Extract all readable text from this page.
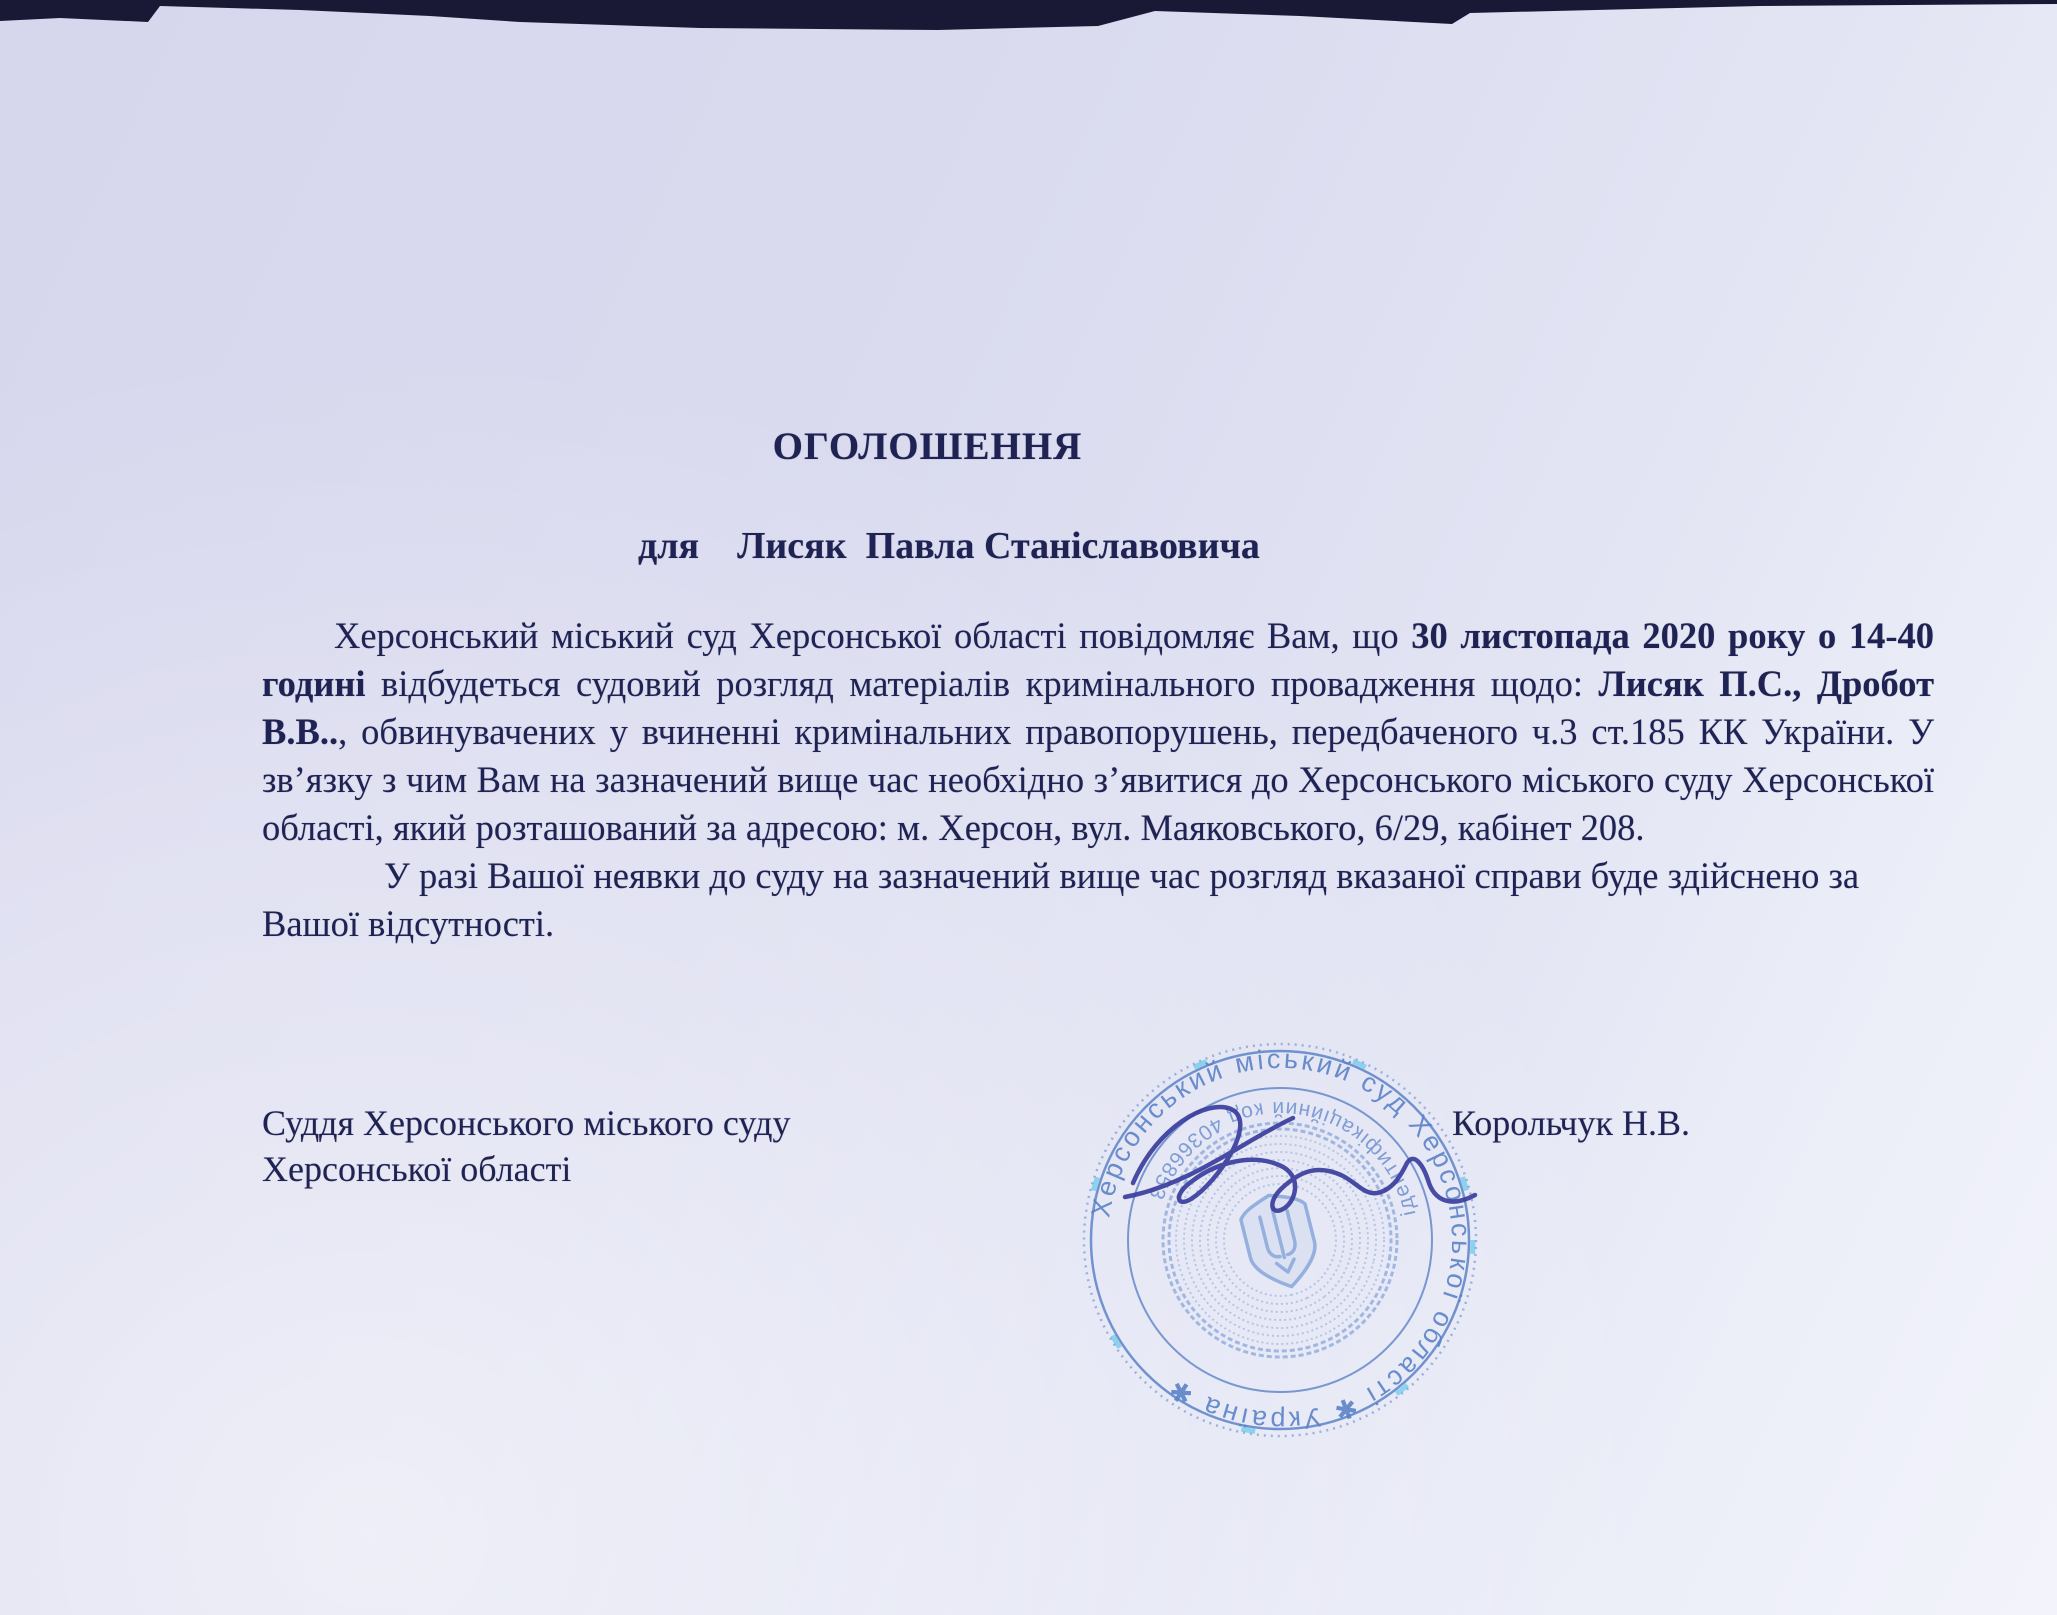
ОГОЛОШЕННЯ
для    Лисяк  Павла Станіславовича

Херсонський міський суд Херсонської області повідомляє Вам, що 30 листопада 2020 року о 14-40 годині відбудеться судовий розгляд матеріалів кримінального провадження щодо: Лисяк П.С., Дробот В.В.., обвинувачених у вчиненні кримінальних правопорушень, передбаченого ч.3 ст.185 КК України. У зв’язку з чим Вам на зазначений вище час необхідно з’явитися до Херсонського міського суду Херсонської області, який розташований за адресою: м. Херсон, вул. Маяковського, 6/29, кабінет 208.

У разі Вашої неявки до суду на зазначений вище час розгляд вказаної справи буде здійснено за Вашої відсутності.

Суддя Херсонського міського суду
Херсонської області
Корольчук Н.В.
Херсонський міський суд Херсонської області ✱ Україна ✱
ідентифікаційний код 40366853
